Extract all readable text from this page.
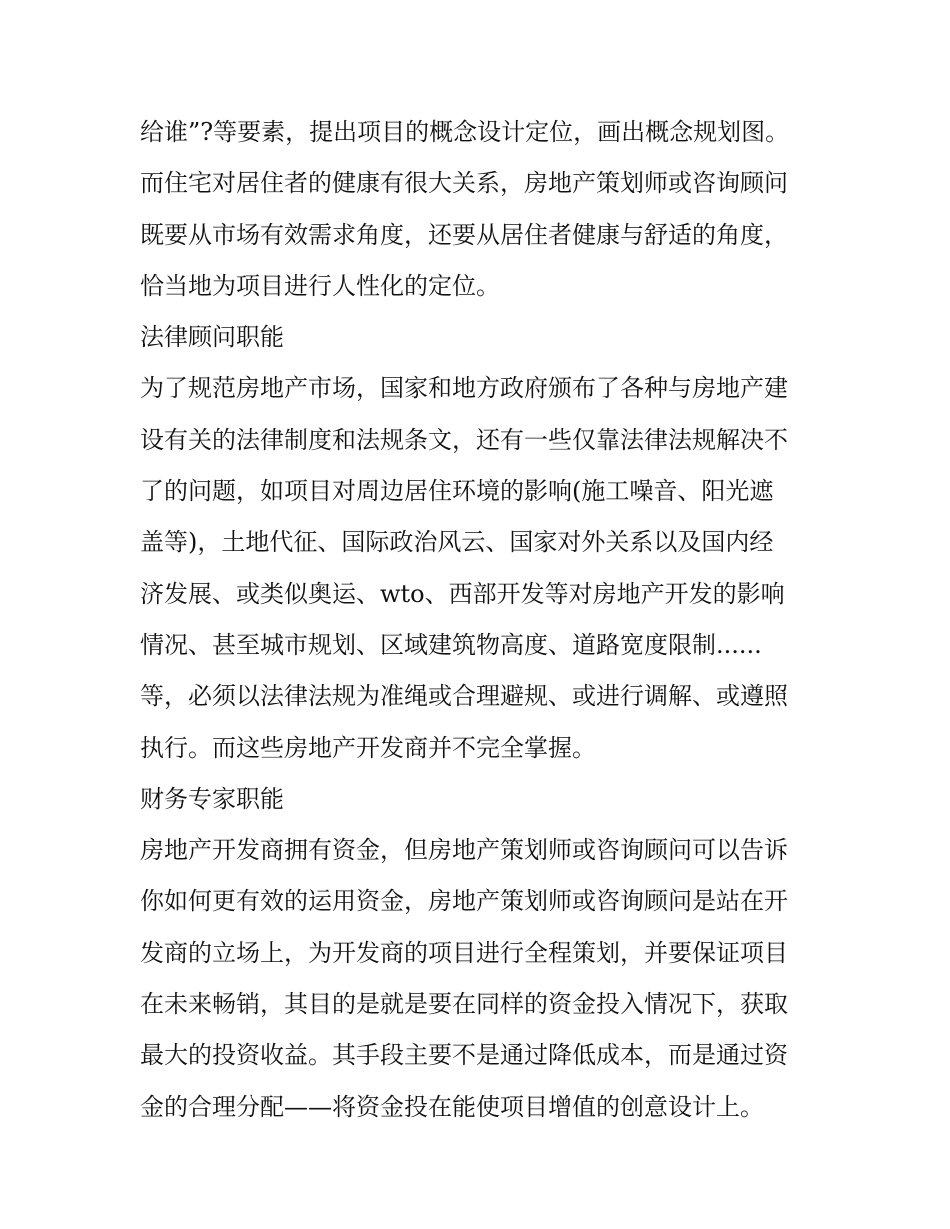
给谁”?等要素，提出项目的概念设计定位，画出概念规划图。
而住宅对居住者的健康有很大关系，房地产策划师或咨询顾问
既要从市场有效需求角度，还要从居住者健康与舒适的角度，
恰当地为项目进行人性化的定位。
法律顾问职能
为了规范房地产市场，国家和地方政府颁布了各种与房地产建
设有关的法律制度和法规条文，还有一些仅靠法律法规解决不
了的问题，如项目对周边居住环境的影响(施工噪音、阳光遮
盖等)，土地代征、国际政治风云、国家对外关系以及国内经
济发展、或类似奥运、wto、西部开发等对房地产开发的影响
情况、甚至城市规划、区域建筑物高度、道路宽度限制......
等，必须以法律法规为准绳或合理避规、或进行调解、或遵照
执行。而这些房地产开发商并不完全掌握。
财务专家职能
房地产开发商拥有资金，但房地产策划师或咨询顾问可以告诉
你如何更有效的运用资金，房地产策划师或咨询顾问是站在开
发商的立场上，为开发商的项目进行全程策划，并要保证项目
在未来畅销，其目的是就是要在同样的资金投入情况下，获取
最大的投资收益。其手段主要不是通过降低成本，而是通过资
金的合理分配——将资金投在能使项目增值的创意设计上。
